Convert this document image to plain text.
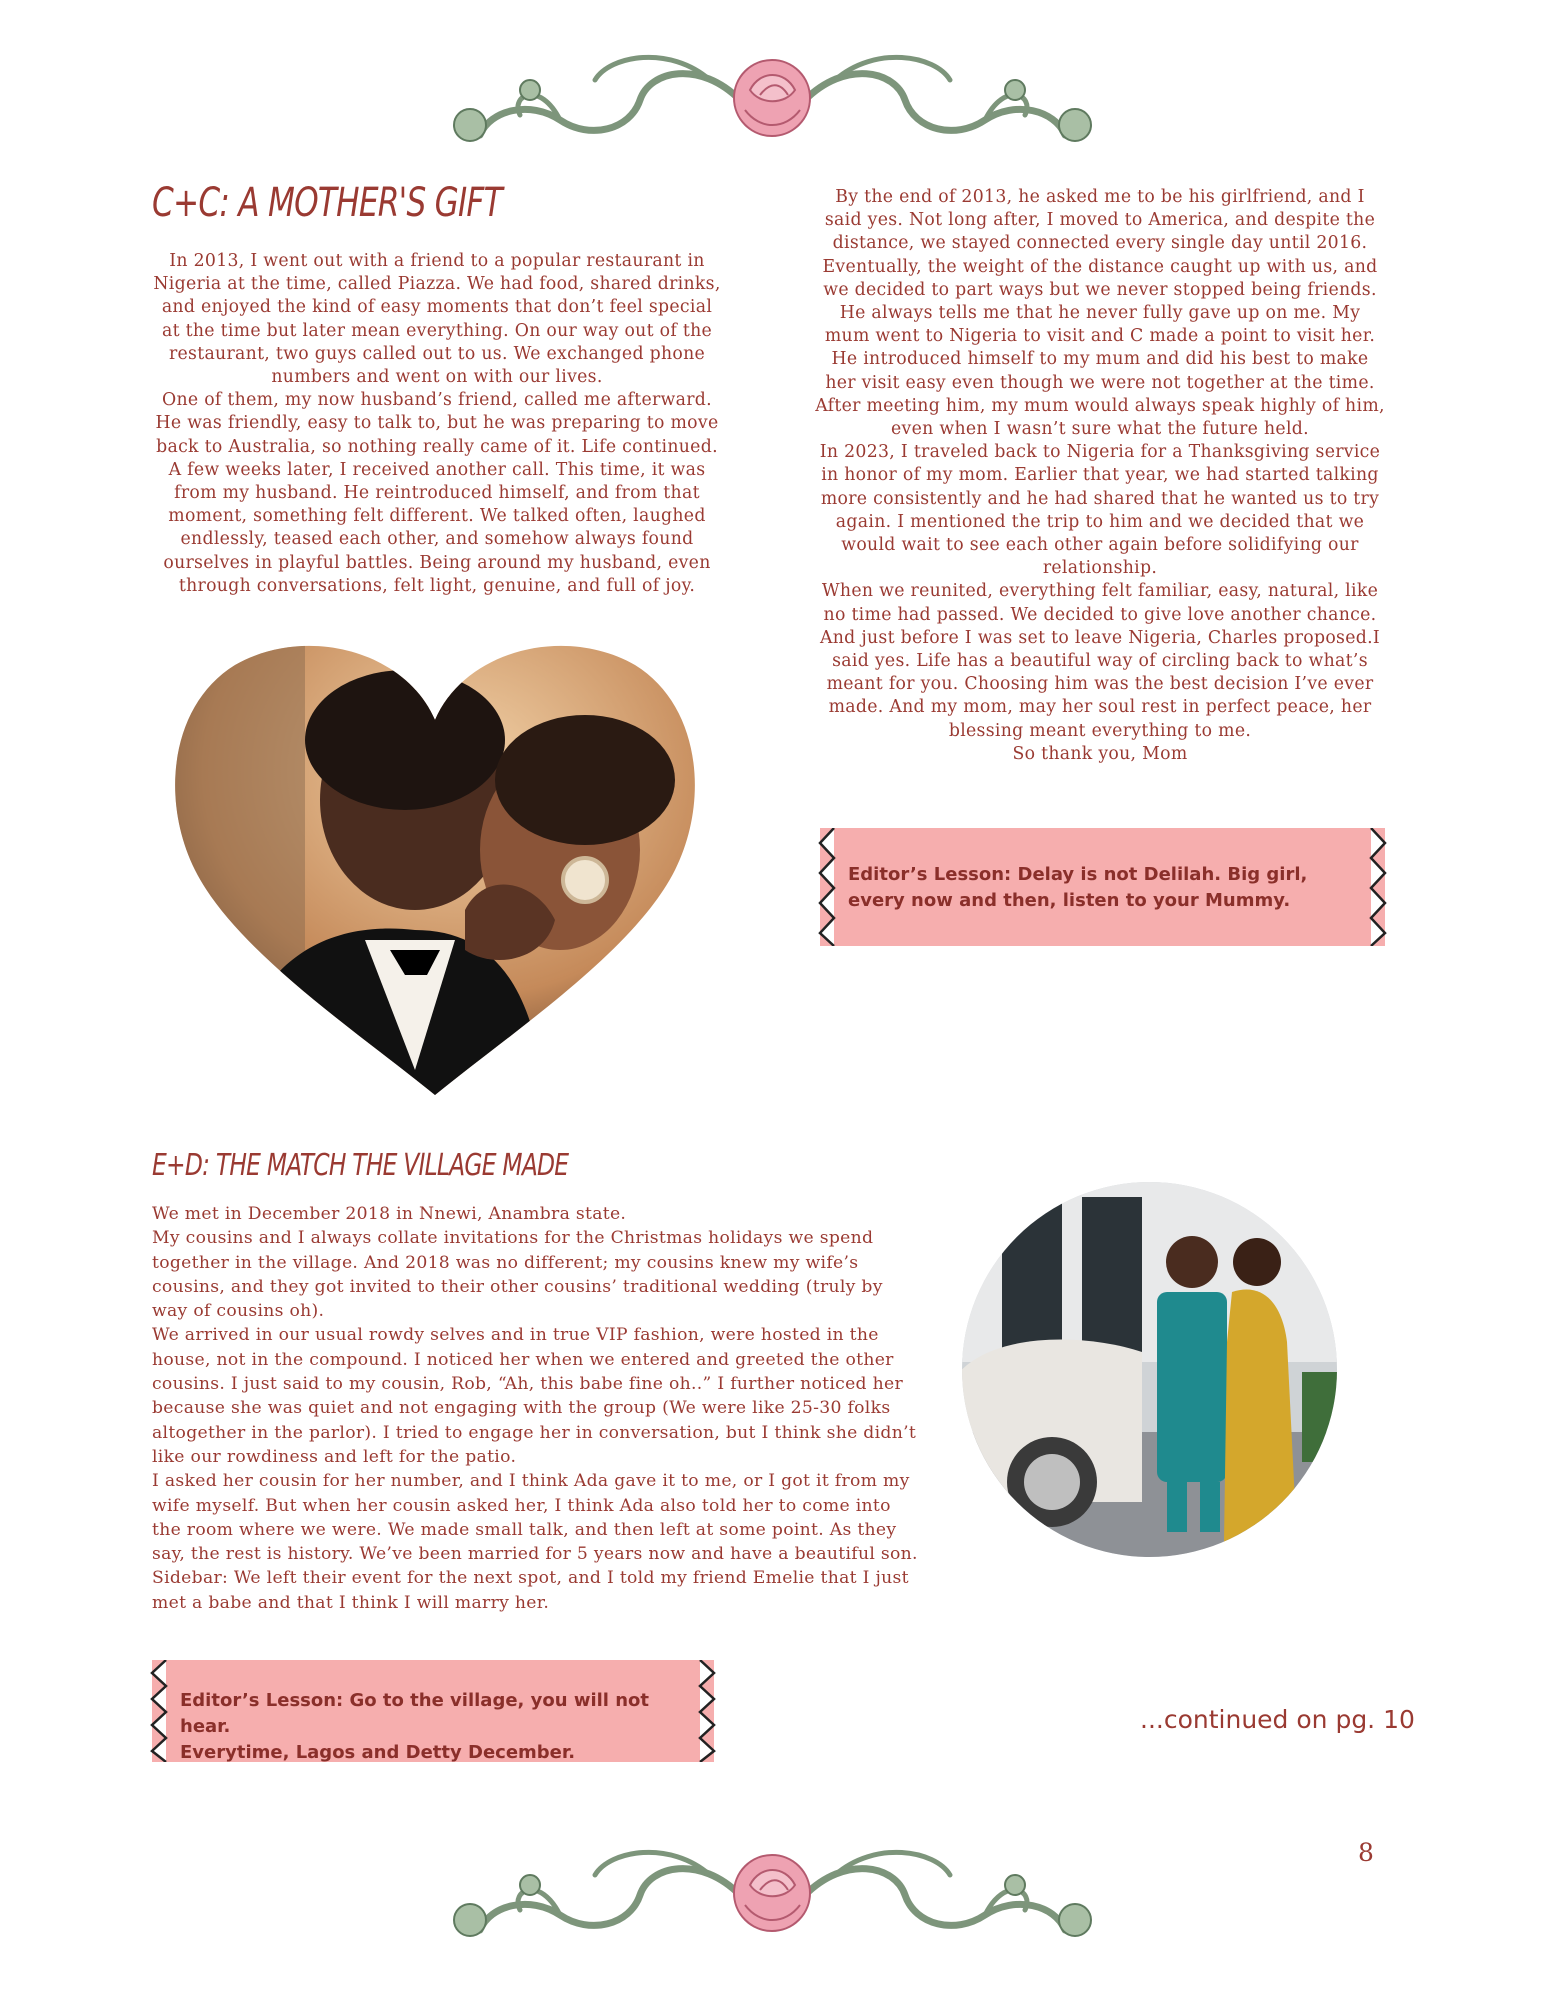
C+C: A MOTHER'S GIFT

In 2013, I went out with a friend to a popular restaurant in Nigeria at the time, called Piazza. We had food, shared drinks, and enjoyed the kind of easy moments that don’t feel special at the time but later mean everything. On our way out of the restaurant, two guys called out to us. We exchanged phone numbers and went on with our lives.

One of them, my now husband’s friend, called me afterward. He was friendly, easy to talk to, but he was preparing to move back to Australia, so nothing really came of it. Life continued.

A few weeks later, I received another call. This time, it was from my husband. He reintroduced himself, and from that moment, something felt different. We talked often, laughed endlessly, teased each other, and somehow always found ourselves in playful battles. Being around my husband, even through conversations, felt light, genuine, and full of joy.

By the end of 2013, he asked me to be his girlfriend, and I said yes. Not long after, I moved to America, and despite the distance, we stayed connected every single day until 2016. Eventually, the weight of the distance caught up with us, and we decided to part ways but we never stopped being friends.

He always tells me that he never fully gave up on me. My mum went to Nigeria to visit and C made a point to visit her. He introduced himself to my mum and did his best to make her visit easy even though we were not together at the time. After meeting him, my mum would always speak highly of him, even when I wasn’t sure what the future held.

In 2023, I traveled back to Nigeria for a Thanksgiving service in honor of my mom. Earlier that year, we had started talking more consistently and he had shared that he wanted us to try again. I mentioned the trip to him and we decided that we would wait to see each other again before solidifying our relationship.

When we reunited, everything felt familiar, easy, natural, like no time had passed. We decided to give love another chance. And just before I was set to leave Nigeria, Charles proposed.I said yes. Life has a beautiful way of circling back to what’s meant for you. Choosing him was the best decision I’ve ever made. And my mom, may her soul rest in perfect peace, her blessing meant everything to me.

So thank you, Mom

Editor’s Lesson: Delay is not Delilah. Big girl,
every now and then, listen to your Mummy.
E+D: THE MATCH THE VILLAGE MADE

We met in December 2018 in Nnewi, Anambra state.

My cousins and I always collate invitations for the Christmas holidays we spend together in the village. And 2018 was no different; my cousins knew my wife’s cousins, and they got invited to their other cousins’ traditional wedding (truly by way of cousins oh).

We arrived in our usual rowdy selves and in true VIP fashion, were hosted in the house, not in the compound. I noticed her when we entered and greeted the other cousins. I just said to my cousin, Rob, “Ah, this babe fine oh..” I further noticed her because she was quiet and not engaging with the group (We were like 25-30 folks altogether in the parlor). I tried to engage her in conversation, but I think she didn’t like our rowdiness and left for the patio.

I asked her cousin for her number, and I think Ada gave it to me, or I got it from my wife myself. But when her cousin asked her, I think Ada also told her to come into the room where we were. We made small talk, and then left at some point. As they say, the rest is history. We’ve been married for 5 years now and have a beautiful son.

Sidebar: We left their event for the next spot, and I told my friend Emelie that I just met a babe and that I think I will marry her.

Editor’s Lesson: Go to the village, you will not hear.
Everytime, Lagos and Detty December.
...continued on pg. 10
8
